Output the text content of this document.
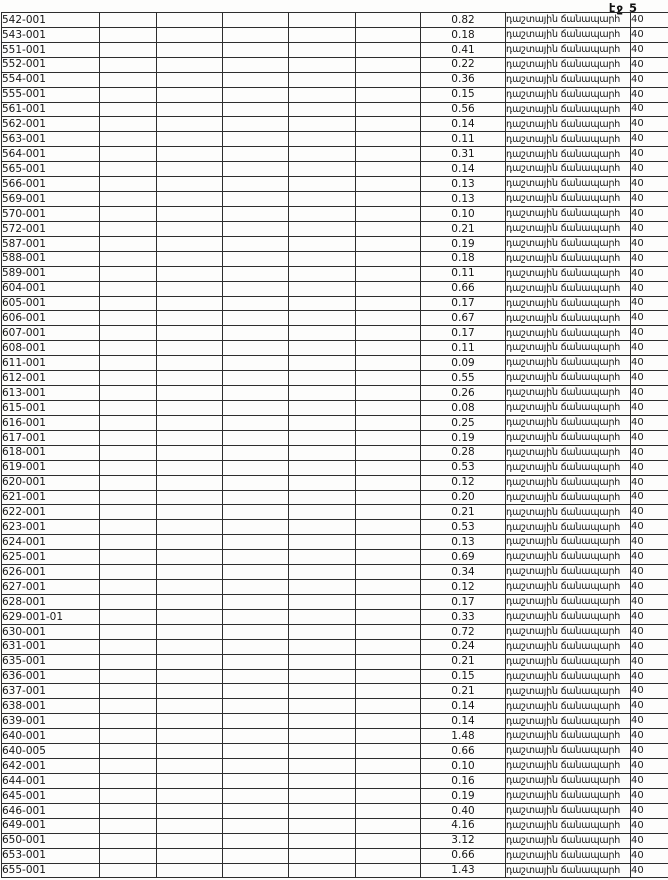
էջ 5
542-001						0.82	դաշտային ճանապարհ	40
543-001						0.18	դաշտային ճանապարհ	40
551-001						0.41	դաշտային ճանապարհ	40
552-001						0.22	դաշտային ճանապարհ	40
554-001						0.36	դաշտային ճանապարհ	40
555-001						0.15	դաշտային ճանապարհ	40
561-001						0.56	դաշտային ճանապարհ	40
562-001						0.14	դաշտային ճանապարհ	40
563-001						0.11	դաշտային ճանապարհ	40
564-001						0.31	դաշտային ճանապարհ	40
565-001						0.14	դաշտային ճանապարհ	40
566-001						0.13	դաշտային ճանապարհ	40
569-001						0.13	դաշտային ճանապարհ	40
570-001						0.10	դաշտային ճանապարհ	40
572-001						0.21	դաշտային ճանապարհ	40
587-001						0.19	դաշտային ճանապարհ	40
588-001						0.18	դաշտային ճանապարհ	40
589-001						0.11	դաշտային ճանապարհ	40
604-001						0.66	դաշտային ճանապարհ	40
605-001						0.17	դաշտային ճանապարհ	40
606-001						0.67	դաշտային ճանապարհ	40
607-001						0.17	դաշտային ճանապարհ	40
608-001						0.11	դաշտային ճանապարհ	40
611-001						0.09	դաշտային ճանապարհ	40
612-001						0.55	դաշտային ճանապարհ	40
613-001						0.26	դաշտային ճանապարհ	40
615-001						0.08	դաշտային ճանապարհ	40
616-001						0.25	դաշտային ճանապարհ	40
617-001						0.19	դաշտային ճանապարհ	40
618-001						0.28	դաշտային ճանապարհ	40
619-001						0.53	դաշտային ճանապարհ	40
620-001						0.12	դաշտային ճանապարհ	40
621-001						0.20	դաշտային ճանապարհ	40
622-001						0.21	դաշտային ճանապարհ	40
623-001						0.53	դաշտային ճանապարհ	40
624-001						0.13	դաշտային ճանապարհ	40
625-001						0.69	դաշտային ճանապարհ	40
626-001						0.34	դաշտային ճանապարհ	40
627-001						0.12	դաշտային ճանապարհ	40
628-001						0.17	դաշտային ճանապարհ	40
629-001-01						0.33	դաշտային ճանապարհ	40
630-001						0.72	դաշտային ճանապարհ	40
631-001						0.24	դաշտային ճանապարհ	40
635-001						0.21	դաշտային ճանապարհ	40
636-001						0.15	դաշտային ճանապարհ	40
637-001						0.21	դաշտային ճանապարհ	40
638-001						0.14	դաշտային ճանապարհ	40
639-001						0.14	դաշտային ճանապարհ	40
640-001						1.48	դաշտային ճանապարհ	40
640-005						0.66	դաշտային ճանապարհ	40
642-001						0.10	դաշտային ճանապարհ	40
644-001						0.16	դաշտային ճանապարհ	40
645-001						0.19	դաշտային ճանապարհ	40
646-001						0.40	դաշտային ճանապարհ	40
649-001						4.16	դաշտային ճանապարհ	40
650-001						3.12	դաշտային ճանապարհ	40
653-001						0.66	դաշտային ճանապարհ	40
655-001						1.43	դաշտային ճանապարհ	40
